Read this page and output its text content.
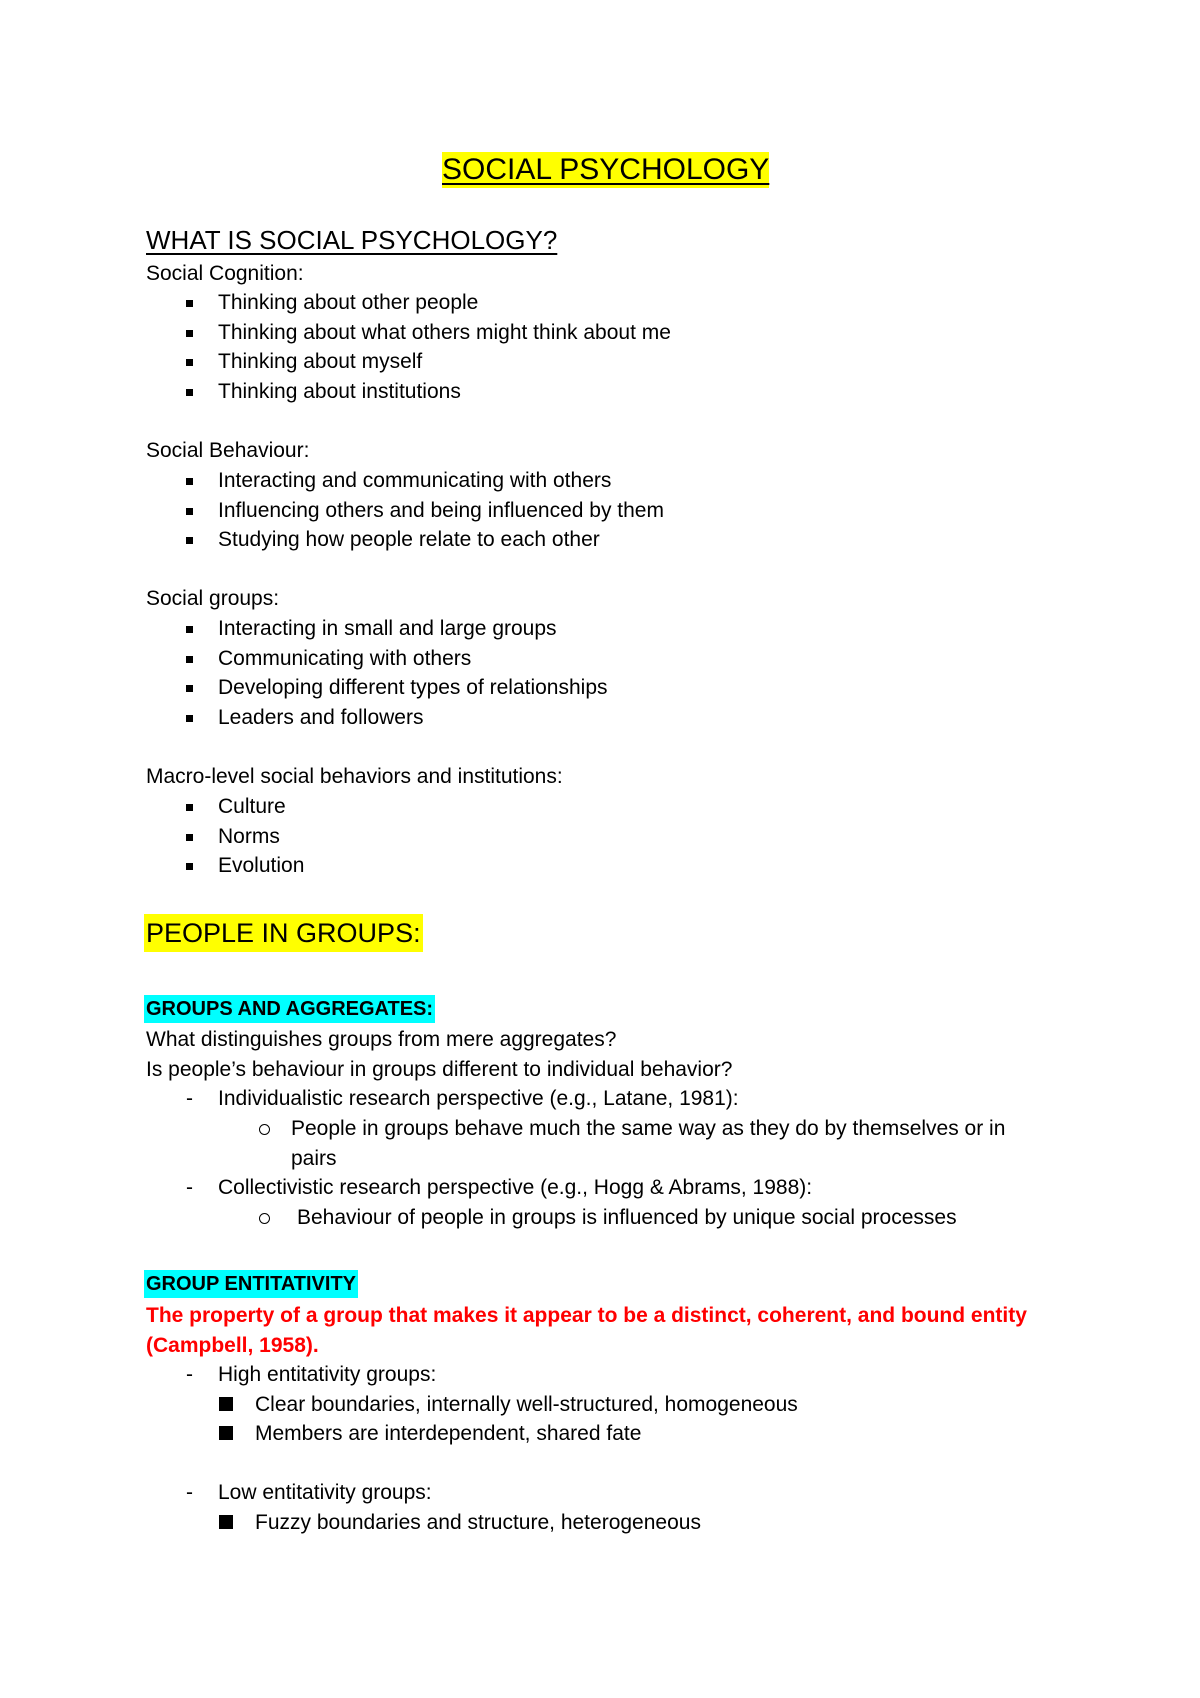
SOCIAL PSYCHOLOGY
WHAT IS SOCIAL PSYCHOLOGY?
Social Cognition:
Thinking about other people
Thinking about what others might think about me
Thinking about myself
Thinking about institutions
Social Behaviour:
Interacting and communicating with others
Influencing others and being influenced by them
Studying how people relate to each other
Social groups:
Interacting in small and large groups
Communicating with others
Developing different types of relationships
Leaders and followers
Macro-level social behaviors and institutions:
Culture
Norms
Evolution
PEOPLE IN GROUPS:
GROUPS AND AGGREGATES:
What distinguishes groups from mere aggregates?
Is people’s behaviour in groups different to individual behavior?
- Individualistic research perspective (e.g., Latane, 1981):
People in groups behave much the same way as they do by themselves or in
pairs
- Collectivistic research perspective (e.g., Hogg & Abrams, 1988):
Behaviour of people in groups is influenced by unique social processes
GROUP ENTITATIVITY
The property of a group that makes it appear to be a distinct, coherent, and bound entity
(Campbell, 1958).
- High entitativity groups:
Clear boundaries, internally well-structured, homogeneous
Members are interdependent, shared fate
- Low entitativity groups:
Fuzzy boundaries and structure, heterogeneous
